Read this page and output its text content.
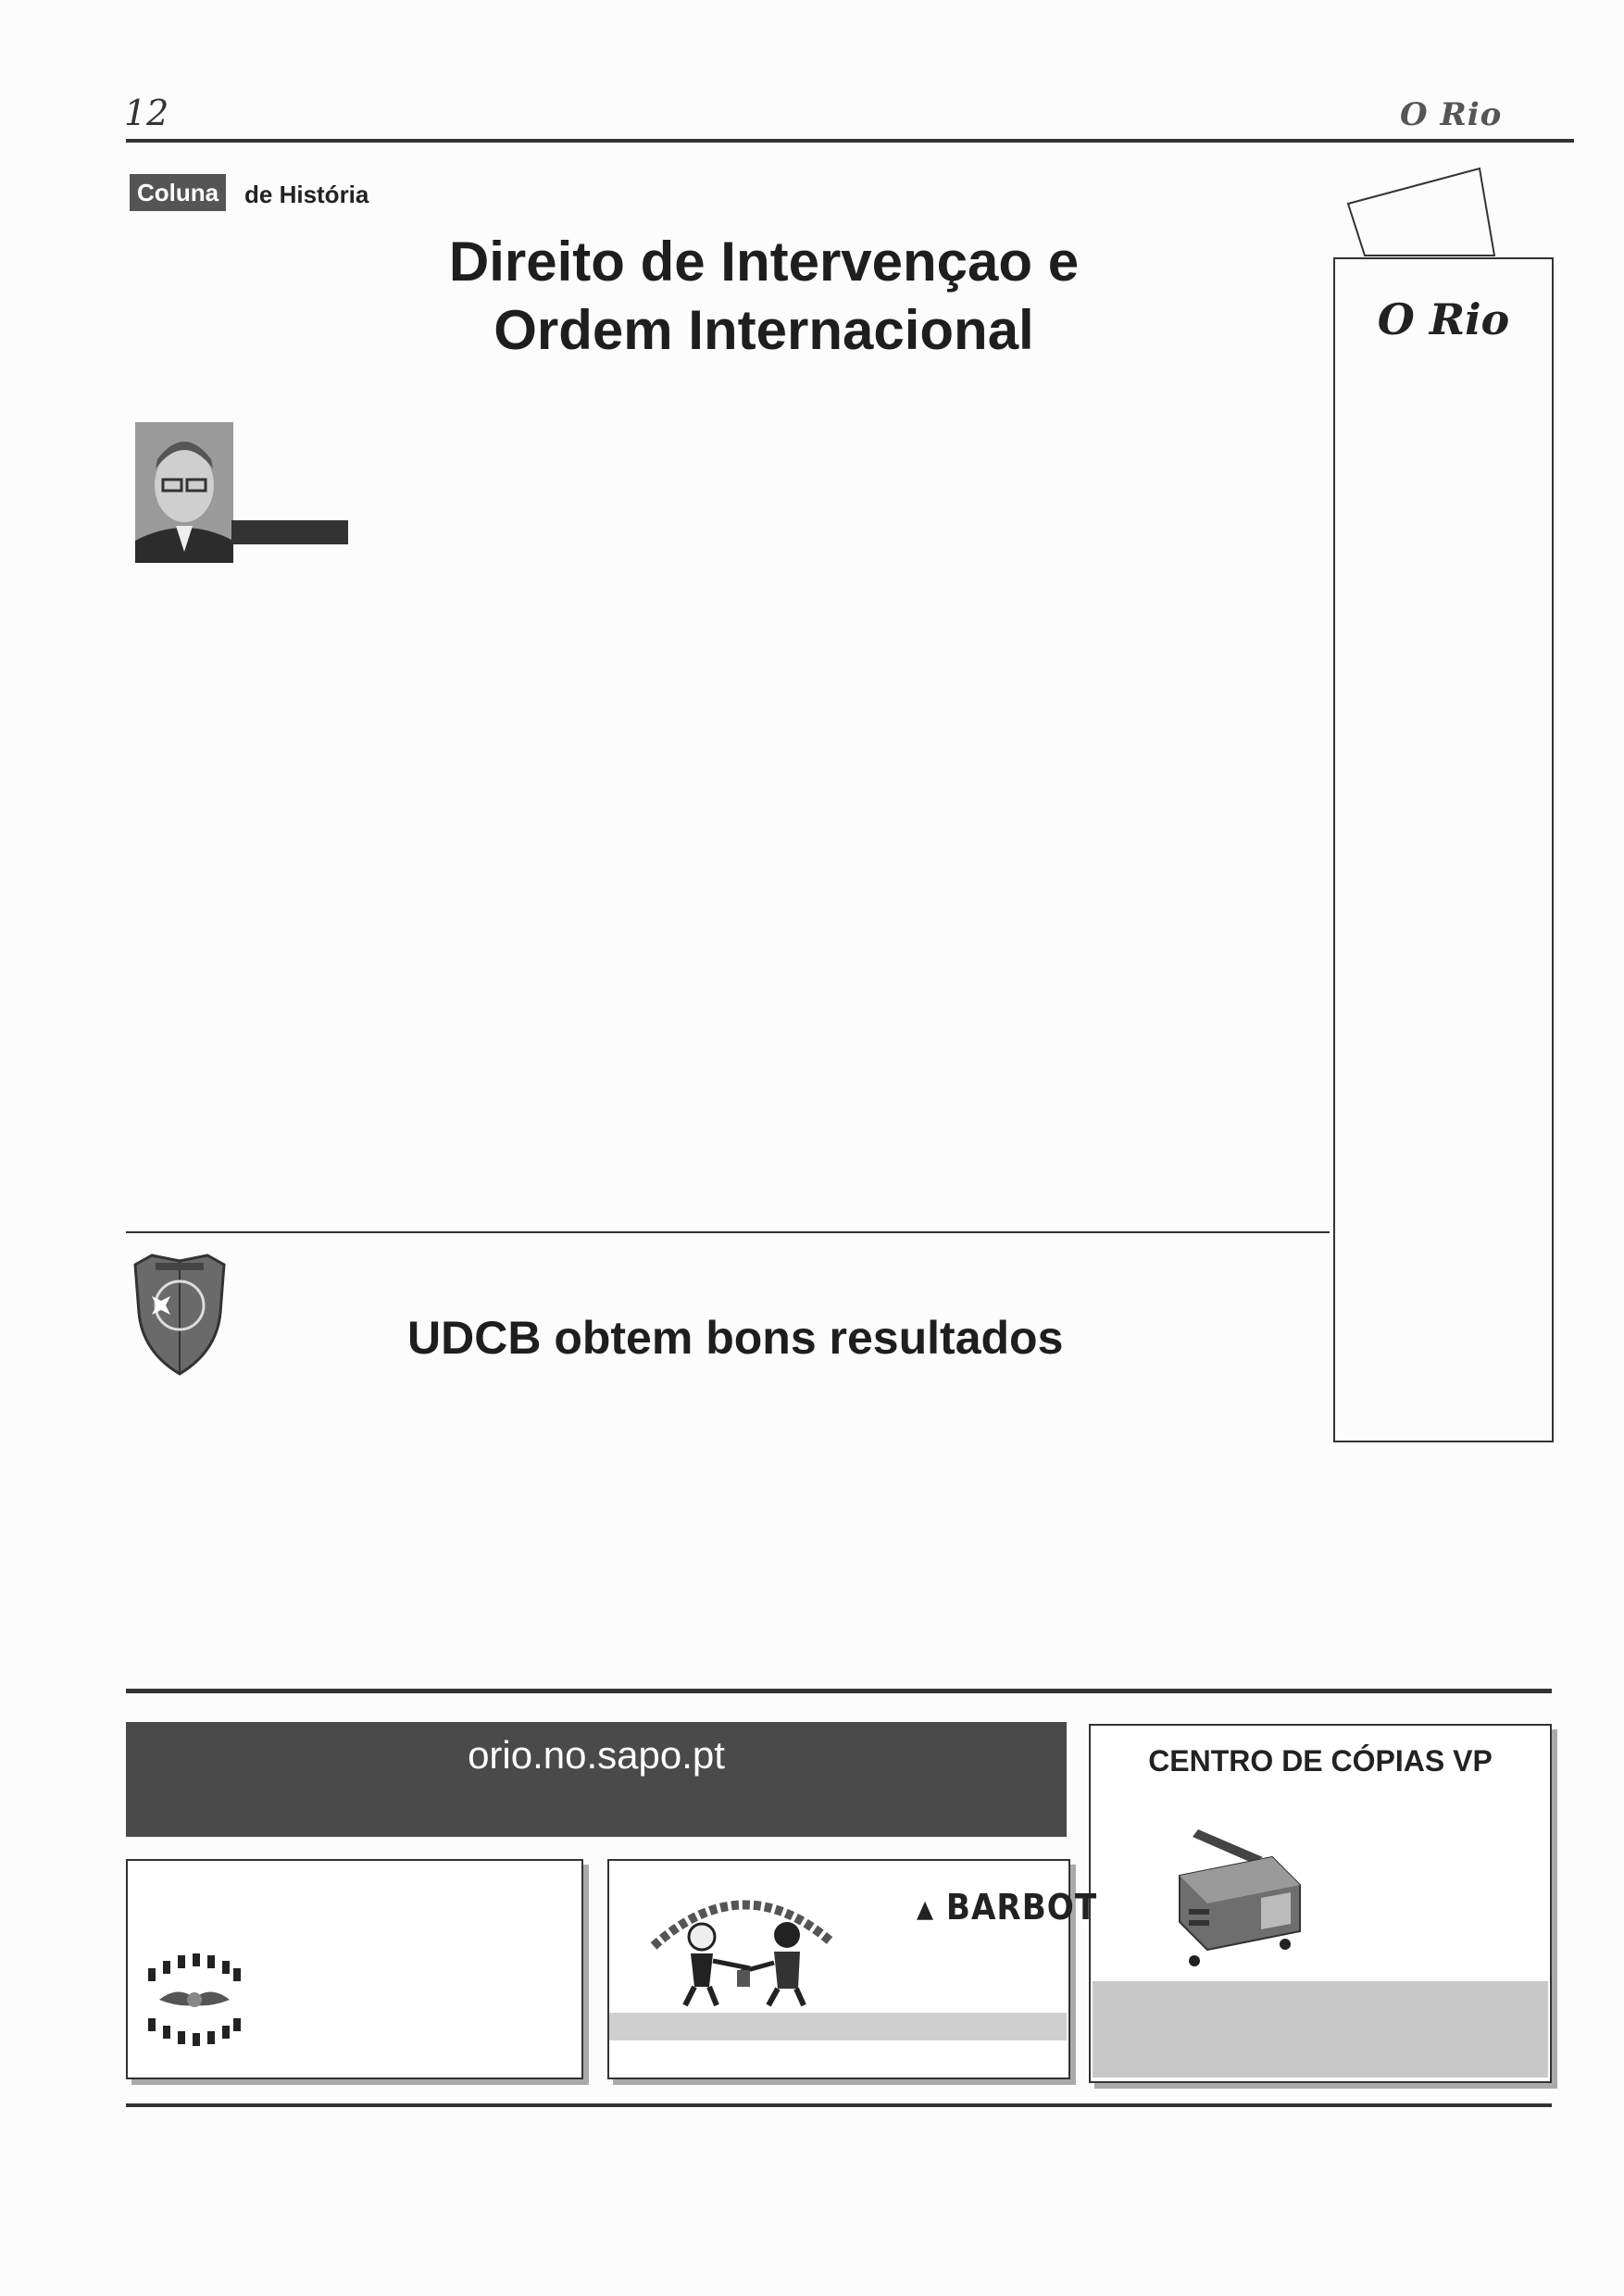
12	O Rio
Coluna	de História
Direito de Intervençao e
Ordem Internacional
UDCB obtem bons resultados
O Rio
orio.no.sapo.pt	CENTRO DE CÓPIAS VP
▲ BARBOT
